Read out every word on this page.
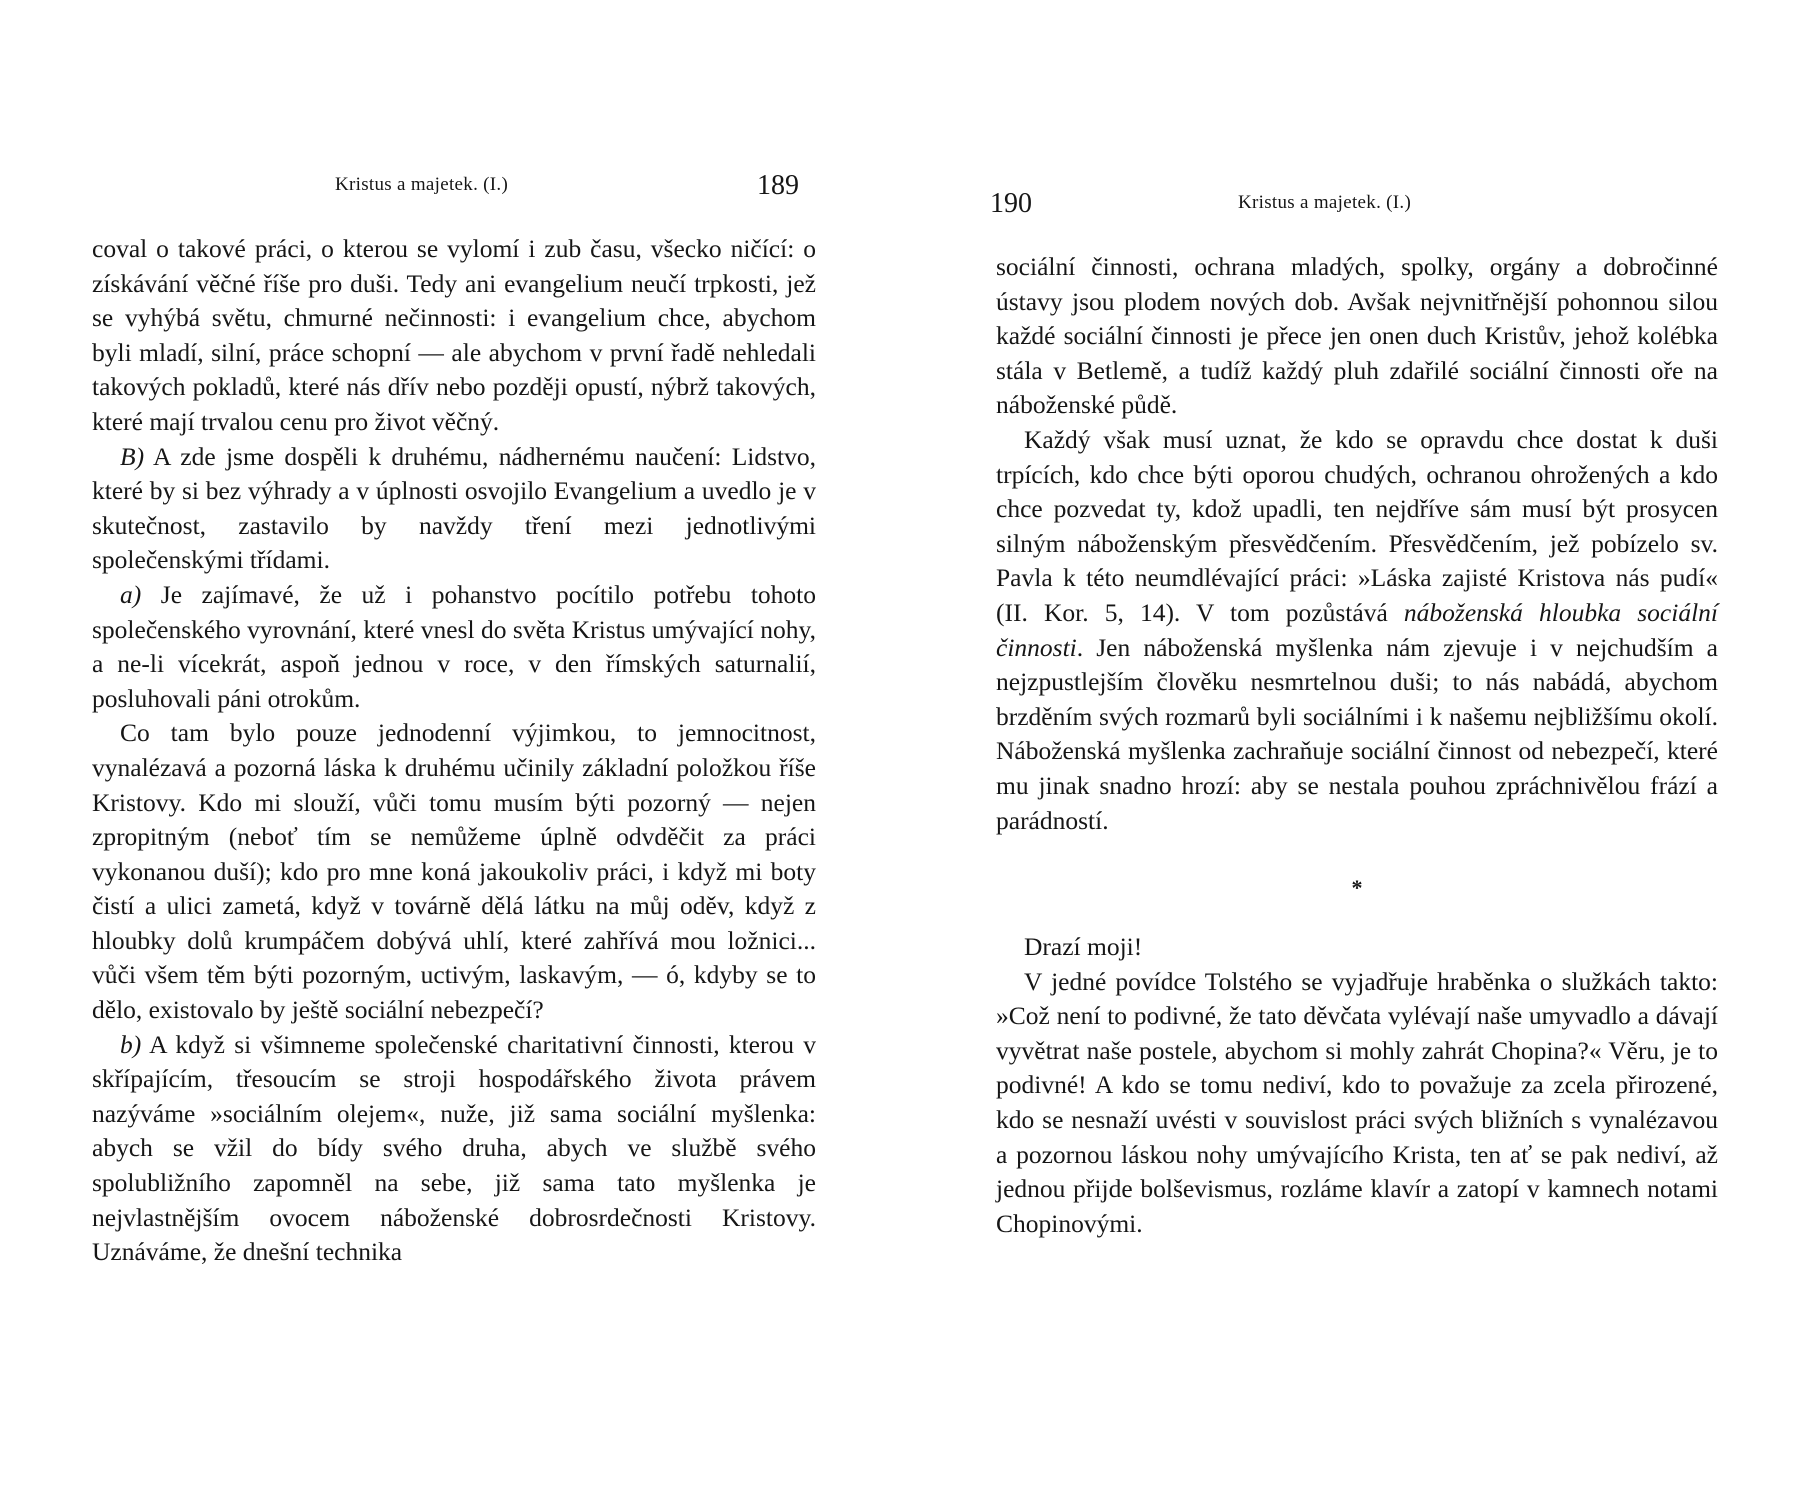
Kristus a majetek. (I.)	189

coval o takové práci, o kterou se vylomí i zub času, všecko ničící: o získávání věčné říše pro duši. Tedy ani evangelium neučí trpkosti, jež se vyhýbá světu, chmurné nečinnosti: i evangelium chce, abychom byli mladí, silní, práce schopní — ale abychom v první řadě nehledali takových pokladů, které nás dřív nebo později opustí, nýbrž takových, které mají trvalou cenu pro život věčný.

B) A zde jsme dospěli k druhému, nádhernému naučení: Lidstvo, které by si bez výhrady a v úplnosti osvojilo Evangelium a uvedlo je v skutečnost, zastavilo by navždy tření mezi jednotlivými společenskými třídami.

a) Je zajímavé, že už i pohanstvo pocítilo potřebu tohoto společenského vyrovnání, které vnesl do světa Kristus umývající nohy, a ne-li vícekrát, aspoň jednou v roce, v den římských saturnalií, posluhovali páni otrokům.

Co tam bylo pouze jednodenní výjimkou, to jemnocitnost, vynalézavá a pozorná láska k druhému učinily základní položkou říše Kristovy. Kdo mi slouží, vůči tomu musím býti pozorný — nejen zpropitným (neboť tím se nemůžeme úplně odvděčit za práci vykonanou duší); kdo pro mne koná jakoukoliv práci, i když mi boty čistí a ulici zametá, když v továrně dělá látku na můj oděv, když z hloubky dolů krumpáčem dobývá uhlí, které zahřívá mou ložnici... vůči všem těm býti pozorným, uctivým, laskavým, — ó, kdyby se to dělo, existovalo by ještě sociální nebezpečí?

b) A když si všimneme společenské charitativní činnosti, kterou v skřípajícím, třesoucím se stroji hospodářského života právem nazýváme »sociálním olejem«, nuže, již sama sociální myšlenka: abych se vžil do bídy svého druha, abych ve službě svého spolubližního zapomněl na sebe, již sama tato myšlenka je nejvlastnějším ovocem náboženské dobrosrdečnosti Kristovy. Uznáváme, že dnešní technika

190	Kristus a majetek. (I.)

sociální činnosti, ochrana mladých, spolky, orgány a dobročinné ústavy jsou plodem nových dob. Avšak nejvnitřnější pohonnou silou každé sociální činnosti je přece jen onen duch Kristův, jehož kolébka stála v Betlemě, a tudíž každý pluh zdařilé sociální činnosti oře na náboženské půdě.

Každý však musí uznat, že kdo se opravdu chce dostat k duši trpících, kdo chce býti oporou chudých, ochranou ohrožených a kdo chce pozvedat ty, kdož upadli, ten nejdříve sám musí být prosycen silným náboženským přesvědčením. Přesvědčením, jež pobízelo sv. Pavla k této neumdlévající práci: »Láska zajisté Kristova nás pudí« (II. Kor. 5, 14). V tom pozůstává náboženská hloubka sociální činnosti. Jen náboženská myšlenka nám zjevuje i v nejchudším a nejzpustlejším člověku nesmrtelnou duši; to nás nabádá, abychom brzděním svých rozmarů byli sociálními i k našemu nejbližšímu okolí. Náboženská myšlenka zachraňuje sociální činnost od nebezpečí, které mu jinak snadno hrozí: aby se nestala pouhou zpráchnivělou frází a parádností.

*

Drazí moji!

V jedné povídce Tolstého se vyjadřuje hraběnka o služkách takto: »Což není to podivné, že tato děvčata vylévají naše umyvadlo a dávají vyvětrat naše postele, abychom si mohly zahrát Chopina?« Věru, je to podivné! A kdo se tomu nediví, kdo to považuje za zcela přirozené, kdo se nesnaží uvésti v souvislost práci svých bližních s vynalézavou a pozornou láskou nohy umývajícího Krista, ten ať se pak nediví, až jednou přijde bolševismus, rozláme klavír a zatopí v kamnech notami Chopinovými.
